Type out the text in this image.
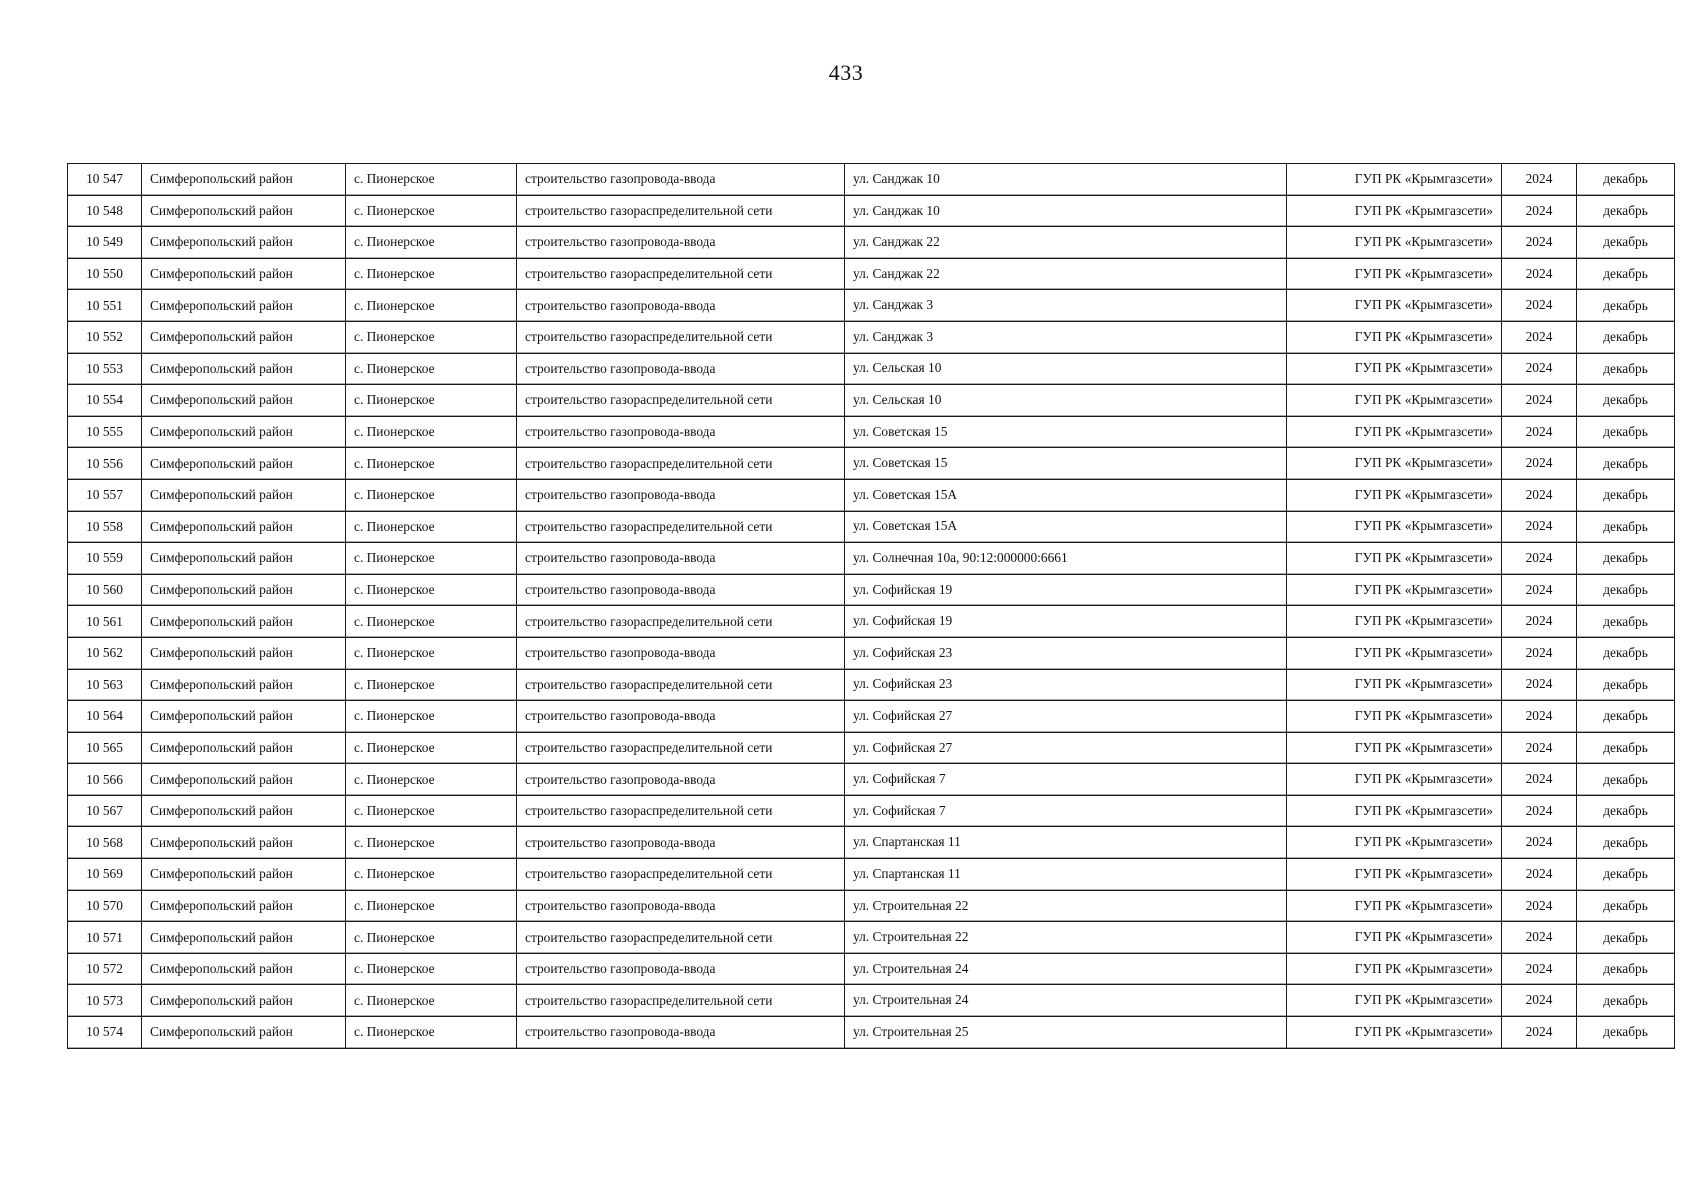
433
10 547	Симферопольский район	с. Пионерское	строительство газопровода-ввода	ул. Санджак 10	ГУП РК «Крымгазсети»	2024	декабрь
10 548	Симферопольский район	с. Пионерское	строительство газораспределительной сети	ул. Санджак 10	ГУП РК «Крымгазсети»	2024	декабрь
10 549	Симферопольский район	с. Пионерское	строительство газопровода-ввода	ул. Санджак 22	ГУП РК «Крымгазсети»	2024	декабрь
10 550	Симферопольский район	с. Пионерское	строительство газораспределительной сети	ул. Санджак 22	ГУП РК «Крымгазсети»	2024	декабрь
10 551	Симферопольский район	с. Пионерское	строительство газопровода-ввода	ул. Санджак 3	ГУП РК «Крымгазсети»	2024	декабрь
10 552	Симферопольский район	с. Пионерское	строительство газораспределительной сети	ул. Санджак 3	ГУП РК «Крымгазсети»	2024	декабрь
10 553	Симферопольский район	с. Пионерское	строительство газопровода-ввода	ул. Сельская 10	ГУП РК «Крымгазсети»	2024	декабрь
10 554	Симферопольский район	с. Пионерское	строительство газораспределительной сети	ул. Сельская 10	ГУП РК «Крымгазсети»	2024	декабрь
10 555	Симферопольский район	с. Пионерское	строительство газопровода-ввода	ул. Советская 15	ГУП РК «Крымгазсети»	2024	декабрь
10 556	Симферопольский район	с. Пионерское	строительство газораспределительной сети	ул. Советская 15	ГУП РК «Крымгазсети»	2024	декабрь
10 557	Симферопольский район	с. Пионерское	строительство газопровода-ввода	ул. Советская 15А	ГУП РК «Крымгазсети»	2024	декабрь
10 558	Симферопольский район	с. Пионерское	строительство газораспределительной сети	ул. Советская 15А	ГУП РК «Крымгазсети»	2024	декабрь
10 559	Симферопольский район	с. Пионерское	строительство газопровода-ввода	ул. Солнечная 10а, 90:12:000000:6661	ГУП РК «Крымгазсети»	2024	декабрь
10 560	Симферопольский район	с. Пионерское	строительство газопровода-ввода	ул. Софийская 19	ГУП РК «Крымгазсети»	2024	декабрь
10 561	Симферопольский район	с. Пионерское	строительство газораспределительной сети	ул. Софийская 19	ГУП РК «Крымгазсети»	2024	декабрь
10 562	Симферопольский район	с. Пионерское	строительство газопровода-ввода	ул. Софийская 23	ГУП РК «Крымгазсети»	2024	декабрь
10 563	Симферопольский район	с. Пионерское	строительство газораспределительной сети	ул. Софийская 23	ГУП РК «Крымгазсети»	2024	декабрь
10 564	Симферопольский район	с. Пионерское	строительство газопровода-ввода	ул. Софийская 27	ГУП РК «Крымгазсети»	2024	декабрь
10 565	Симферопольский район	с. Пионерское	строительство газораспределительной сети	ул. Софийская 27	ГУП РК «Крымгазсети»	2024	декабрь
10 566	Симферопольский район	с. Пионерское	строительство газопровода-ввода	ул. Софийская 7	ГУП РК «Крымгазсети»	2024	декабрь
10 567	Симферопольский район	с. Пионерское	строительство газораспределительной сети	ул. Софийская 7	ГУП РК «Крымгазсети»	2024	декабрь
10 568	Симферопольский район	с. Пионерское	строительство газопровода-ввода	ул. Спартанская 11	ГУП РК «Крымгазсети»	2024	декабрь
10 569	Симферопольский район	с. Пионерское	строительство газораспределительной сети	ул. Спартанская 11	ГУП РК «Крымгазсети»	2024	декабрь
10 570	Симферопольский район	с. Пионерское	строительство газопровода-ввода	ул. Строительная 22	ГУП РК «Крымгазсети»	2024	декабрь
10 571	Симферопольский район	с. Пионерское	строительство газораспределительной сети	ул. Строительная 22	ГУП РК «Крымгазсети»	2024	декабрь
10 572	Симферопольский район	с. Пионерское	строительство газопровода-ввода	ул. Строительная 24	ГУП РК «Крымгазсети»	2024	декабрь
10 573	Симферопольский район	с. Пионерское	строительство газораспределительной сети	ул. Строительная 24	ГУП РК «Крымгазсети»	2024	декабрь
10 574	Симферопольский район	с. Пионерское	строительство газопровода-ввода	ул. Строительная 25	ГУП РК «Крымгазсети»	2024	декабрь
